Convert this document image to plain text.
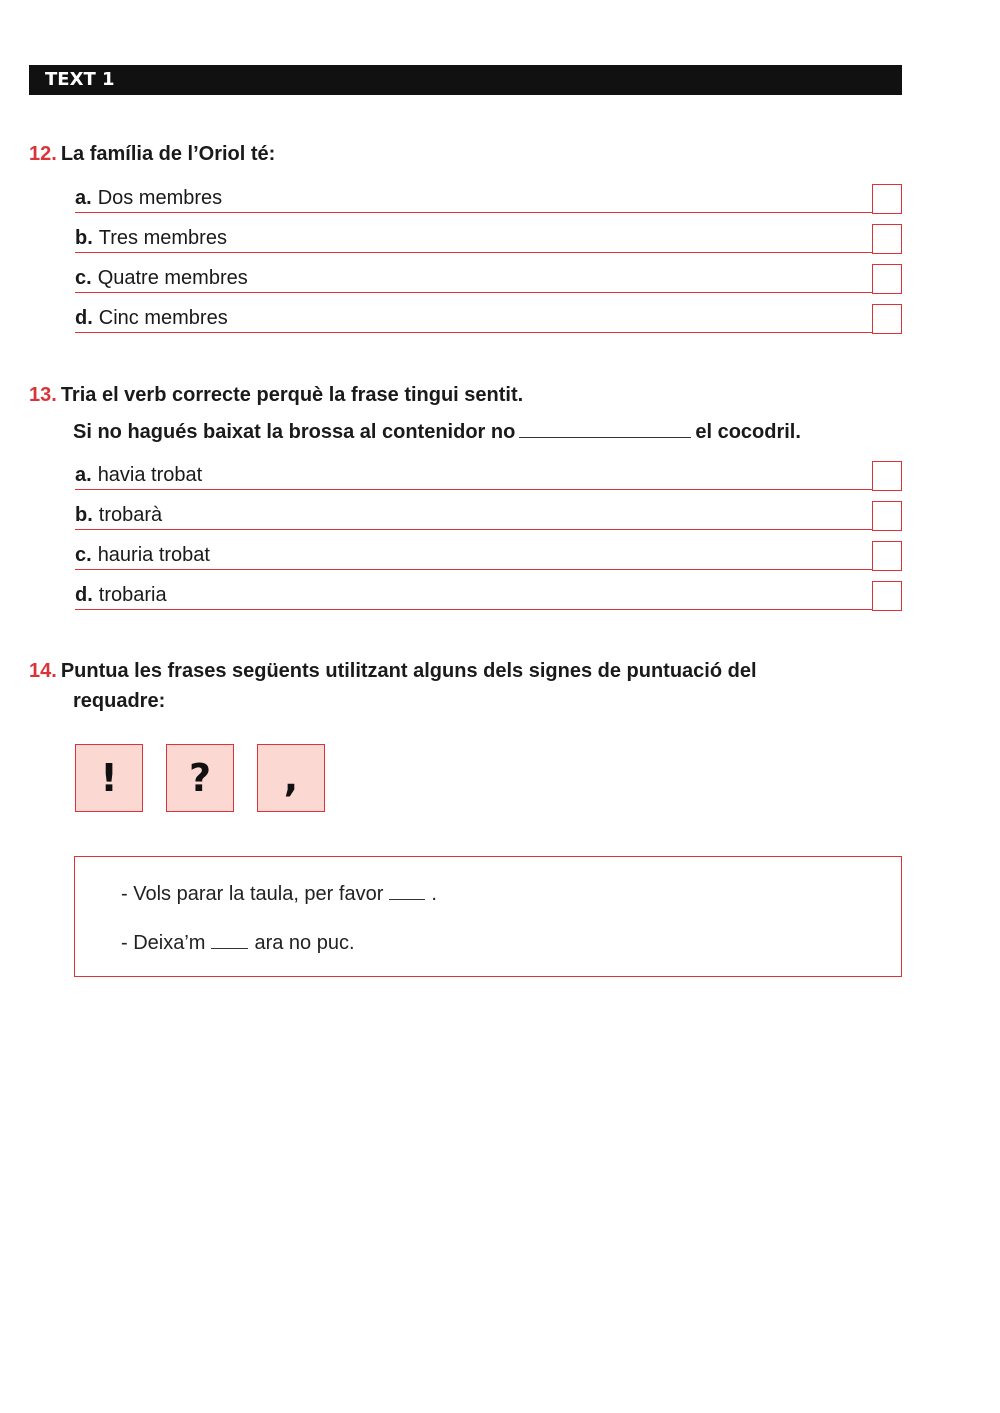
TEXT 1
12. La família de l’Oriol té:
a. Dos membres
b. Tres membres
c. Quatre membres
d. Cinc membres
13. Tria el verb correcte perquè la frase tingui sentit.
Si no hagués baixat la brossa al contenidor no	el cocodril.
a. havia trobat
b. trobarà
c. hauria trobat
d. trobaria
14. Puntua les frases següents utilitzant alguns dels signes de puntuació del
requadre:
!	?	,
- Vols parar la taula, per favor .
- Deixa’m ara no puc.
